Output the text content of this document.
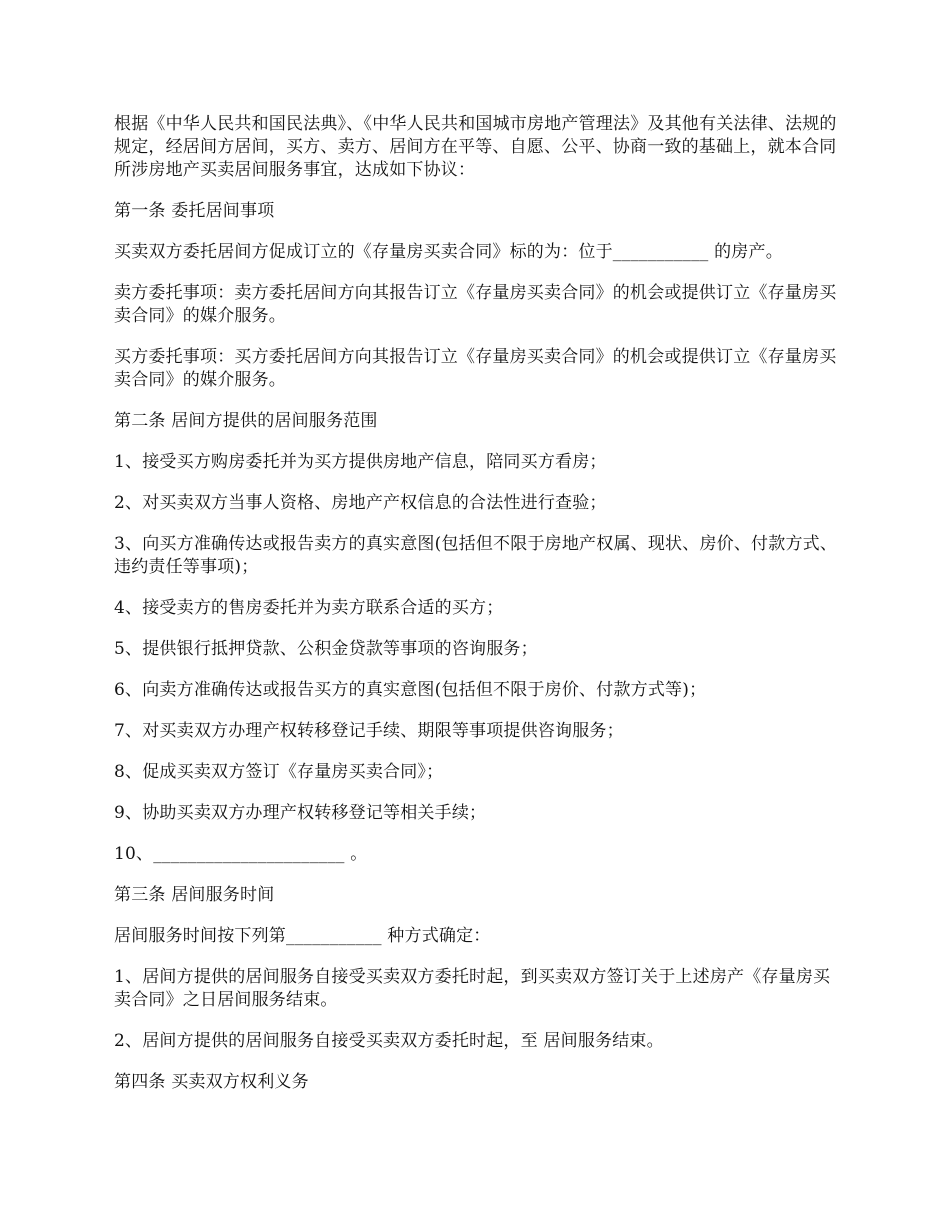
根据《中华人民共和国民法典》、《中华人民共和国城市房地产管理法》及其他有关法律、法规的规定，经居间方居间，买方、卖方、居间方在平等、自愿、公平、协商一致的基础上，就本合同所涉房地产买卖居间服务事宜，达成如下协议：

第一条 委托居间事项

买卖双方委托居间方促成订立的《存量房买卖合同》标的为：位于___________ 的房产。

卖方委托事项：卖方委托居间方向其报告订立《存量房买卖合同》的机会或提供订立《存量房买卖合同》的媒介服务。

买方委托事项：买方委托居间方向其报告订立《存量房买卖合同》的机会或提供订立《存量房买卖合同》的媒介服务。

第二条 居间方提供的居间服务范围

1、接受买方购房委托并为买方提供房地产信息，陪同买方看房；

2、对买卖双方当事人资格、房地产产权信息的合法性进行查验；

3、向买方准确传达或报告卖方的真实意图(包括但不限于房地产权属、现状、房价、付款方式、违约责任等事项)；

4、接受卖方的售房委托并为卖方联系合适的买方；

5、提供银行抵押贷款、公积金贷款等事项的咨询服务；

6、向卖方准确传达或报告买方的真实意图(包括但不限于房价、付款方式等)；

7、对买卖双方办理产权转移登记手续、期限等事项提供咨询服务；

8、促成买卖双方签订《存量房买卖合同》；

9、协助买卖双方办理产权转移登记等相关手续；

10、______________________ 。

第三条 居间服务时间

居间服务时间按下列第___________ 种方式确定：

1、居间方提供的居间服务自接受买卖双方委托时起，到买卖双方签订关于上述房产《存量房买卖合同》之日居间服务结束。

2、居间方提供的居间服务自接受买卖双方委托时起，至 居间服务结束。

第四条 买卖双方权利义务
